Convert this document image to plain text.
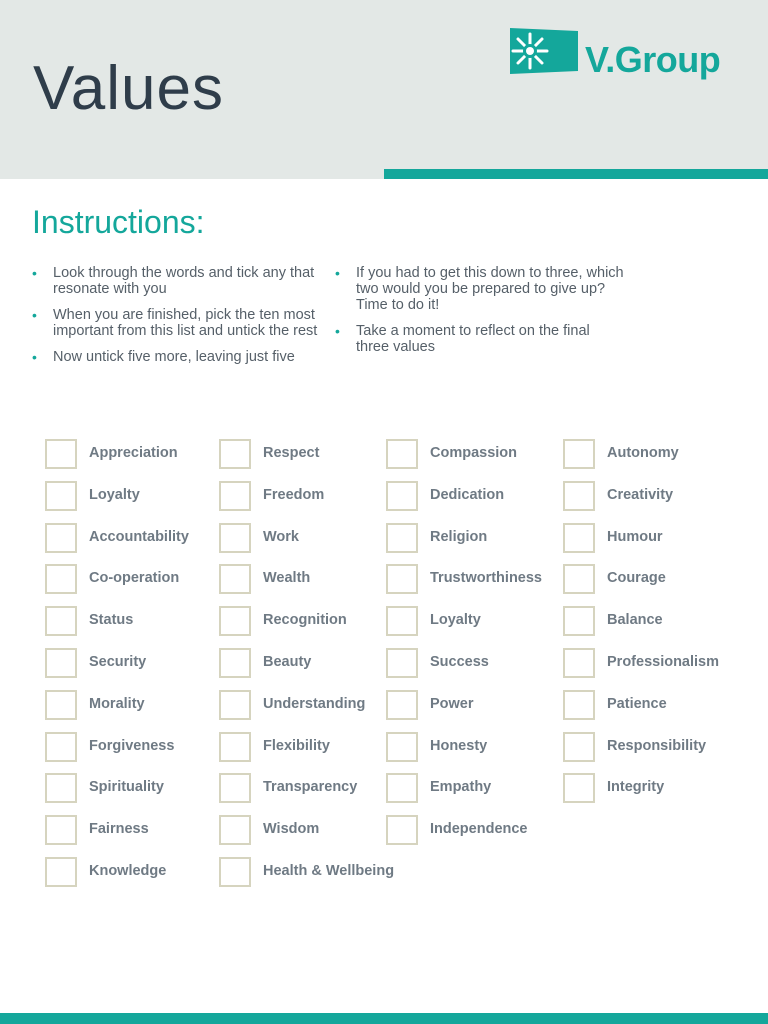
Values	V.Group
Instructions:
• Look through the words and tick any that resonate with you
• When you are finished, pick the ten most important from this list and untick the rest
• Now untick five more, leaving just five
• If you had to get this down to three, which two would you be prepared to give up? Time to do it!
• Take a moment to reflect on the final three values
Appreciation
Loyalty
Accountability
Co-operation
Status
Security
Morality
Forgiveness
Spirituality
Fairness
Knowledge
Respect
Freedom
Work
Wealth
Recognition
Beauty
Understanding
Flexibility
Transparency
Wisdom
Health & Wellbeing
Compassion
Dedication
Religion
Trustworthiness
Loyalty
Success
Power
Honesty
Empathy
Independence
Autonomy
Creativity
Humour
Courage
Balance
Professionalism
Patience
Responsibility
Integrity
